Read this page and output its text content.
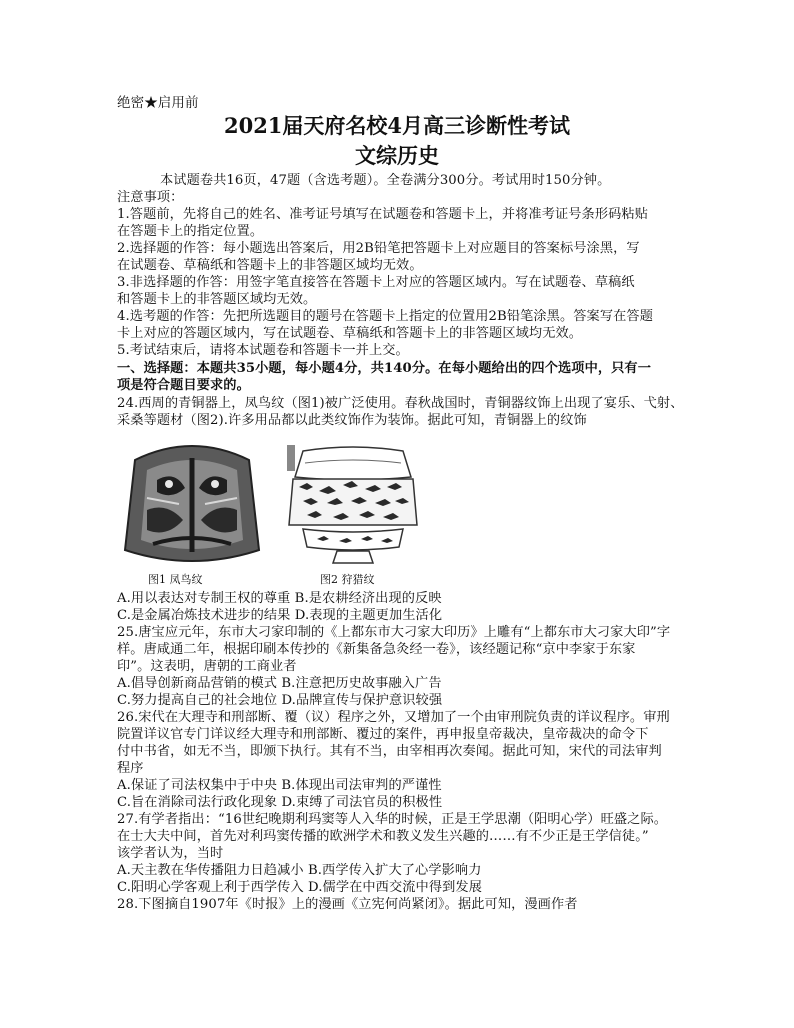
绝密★启用前
2021届天府名校4月高三诊断性考试
文综历史
本试题卷共16页，47题（含选考题）。全卷满分300分。考试用时150分钟。
注意事项：
1.答题前，先将自己的姓名、准考证号填写在试题卷和答题卡上，并将准考证号条形码粘贴
在答题卡上的指定位置。
2.选择题的作答：每小题选出答案后，用2B铅笔把答题卡上对应题目的答案标号涂黑，写
在试题卷、草稿纸和答题卡上的非答题区域均无效。
3.非选择题的作答：用签字笔直接答在答题卡上对应的答题区域内。写在试题卷、草稿纸
和答题卡上的非答题区域均无效。
4.选考题的作答：先把所选题目的题号在答题卡上指定的位置用2B铅笔涂黑。答案写在答题
卡上对应的答题区域内，写在试题卷、草稿纸和答题卡上的非答题区域均无效。
5.考试结束后，请将本试题卷和答题卡一并上交。
一、选择题：本题共35小题，每小题4分，共140分。在每小题给出的四个选项中，只有一
项是符合题目要求的。
24.西周的青铜器上，凤鸟纹（图1)被广泛使用。春秋战国时，青铜器纹饰上出现了宴乐、弋射、
采桑等题材（图2).许多用品都以此类纹饰作为装饰。据此可知，青铜器上的纹饰
图1 凤鸟纹	图2 狩猎纹
A.用以表达对专制王权的尊重 B.是农耕经济出现的反映
C.是金属冶炼技术进步的结果 D.表现的主题更加生活化
25.唐宝应元年，东市大刁家印制的《上都东市大刁家大印历》上雕有“上都东市大刁家大印”字
样。唐咸通二年，根据印刷本传抄的《新集备急灸经一卷》，该经题记称“京中李家于东家
印”。这表明，唐朝的工商业者
A.倡导创新商品营销的模式 B.注意把历史故事融入广告
C.努力提高自己的社会地位 D.品牌宣传与保护意识较强
26.宋代在大理寺和刑部断、覆（议）程序之外，又增加了一个由审刑院负责的详议程序。审刑
院置详议官专门详议经大理寺和刑部断、覆过的案件，再申报皇帝裁决，皇帝裁决的命令下
付中书省，如无不当，即颁下执行。其有不当，由宰相再次奏闻。据此可知，宋代的司法审判
程序
A.保证了司法权集中于中央 B.体现出司法审判的严谨性
C.旨在消除司法行政化现象 D.束缚了司法官员的积极性
27.有学者指出：“16世纪晚期利玛窦等人入华的时候，正是王学思潮（阳明心学）旺盛之际。
在士大夫中间，首先对利玛窦传播的欧洲学术和教义发生兴趣的……有不少正是王学信徒。”
该学者认为，当时
A.天主教在华传播阻力日趋减小 B.西学传入扩大了心学影响力
C.阳明心学客观上利于西学传入 D.儒学在中西交流中得到发展
28.下图摘自1907年《时报》上的漫画《立宪何尚紧闭》。据此可知，漫画作者
